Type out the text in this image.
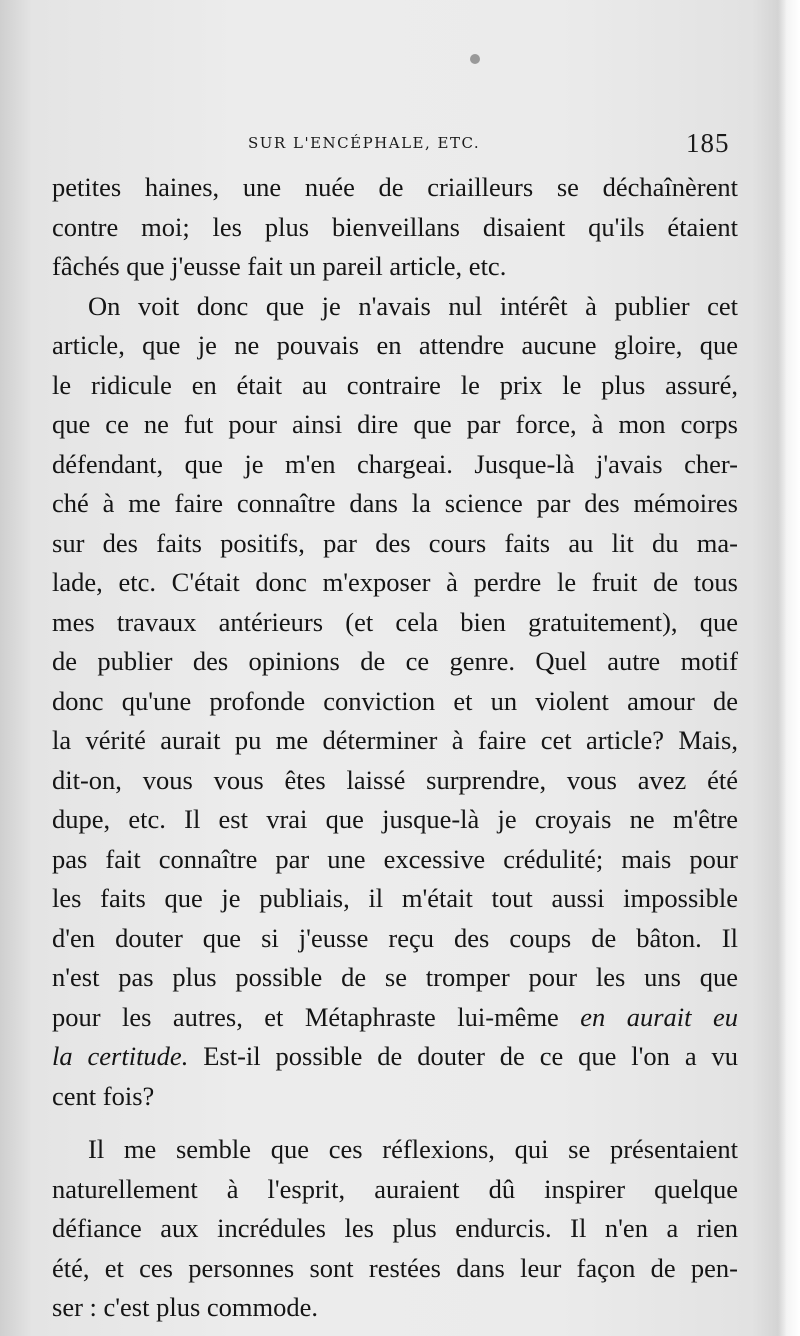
SUR L'ENCÉPHALE, ETC.	185
petites haines, une nuée de criailleurs se déchaînèrent
contre moi; les plus bienveillans disaient qu'ils étaient
fâchés que j'eusse fait un pareil article, etc.
On voit donc que je n'avais nul intérêt à publier cet
article, que je ne pouvais en attendre aucune gloire, que
le ridicule en était au contraire le prix le plus assuré,
que ce ne fut pour ainsi dire que par force, à mon corps
défendant, que je m'en chargeai. Jusque-là j'avais cher-
ché à me faire connaître dans la science par des mémoires
sur des faits positifs, par des cours faits au lit du ma-
lade, etc. C'était donc m'exposer à perdre le fruit de tous
mes travaux antérieurs (et cela bien gratuitement), que
de publier des opinions de ce genre. Quel autre motif
donc qu'une profonde conviction et un violent amour de
la vérité aurait pu me déterminer à faire cet article? Mais,
dit-on, vous vous êtes laissé surprendre, vous avez été
dupe, etc. Il est vrai que jusque-là je croyais ne m'être
pas fait connaître par une excessive crédulité; mais pour
les faits que je publiais, il m'était tout aussi impossible
d'en douter que si j'eusse reçu des coups de bâton. Il
n'est pas plus possible de se tromper pour les uns que
pour les autres, et Métaphraste lui-même en aurait eu
la certitude. Est-il possible de douter de ce que l'on a vu
cent fois?
Il me semble que ces réflexions, qui se présentaient
naturellement à l'esprit, auraient dû inspirer quelque
défiance aux incrédules les plus endurcis. Il n'en a rien
été, et ces personnes sont restées dans leur façon de pen-
ser : c'est plus commode.
